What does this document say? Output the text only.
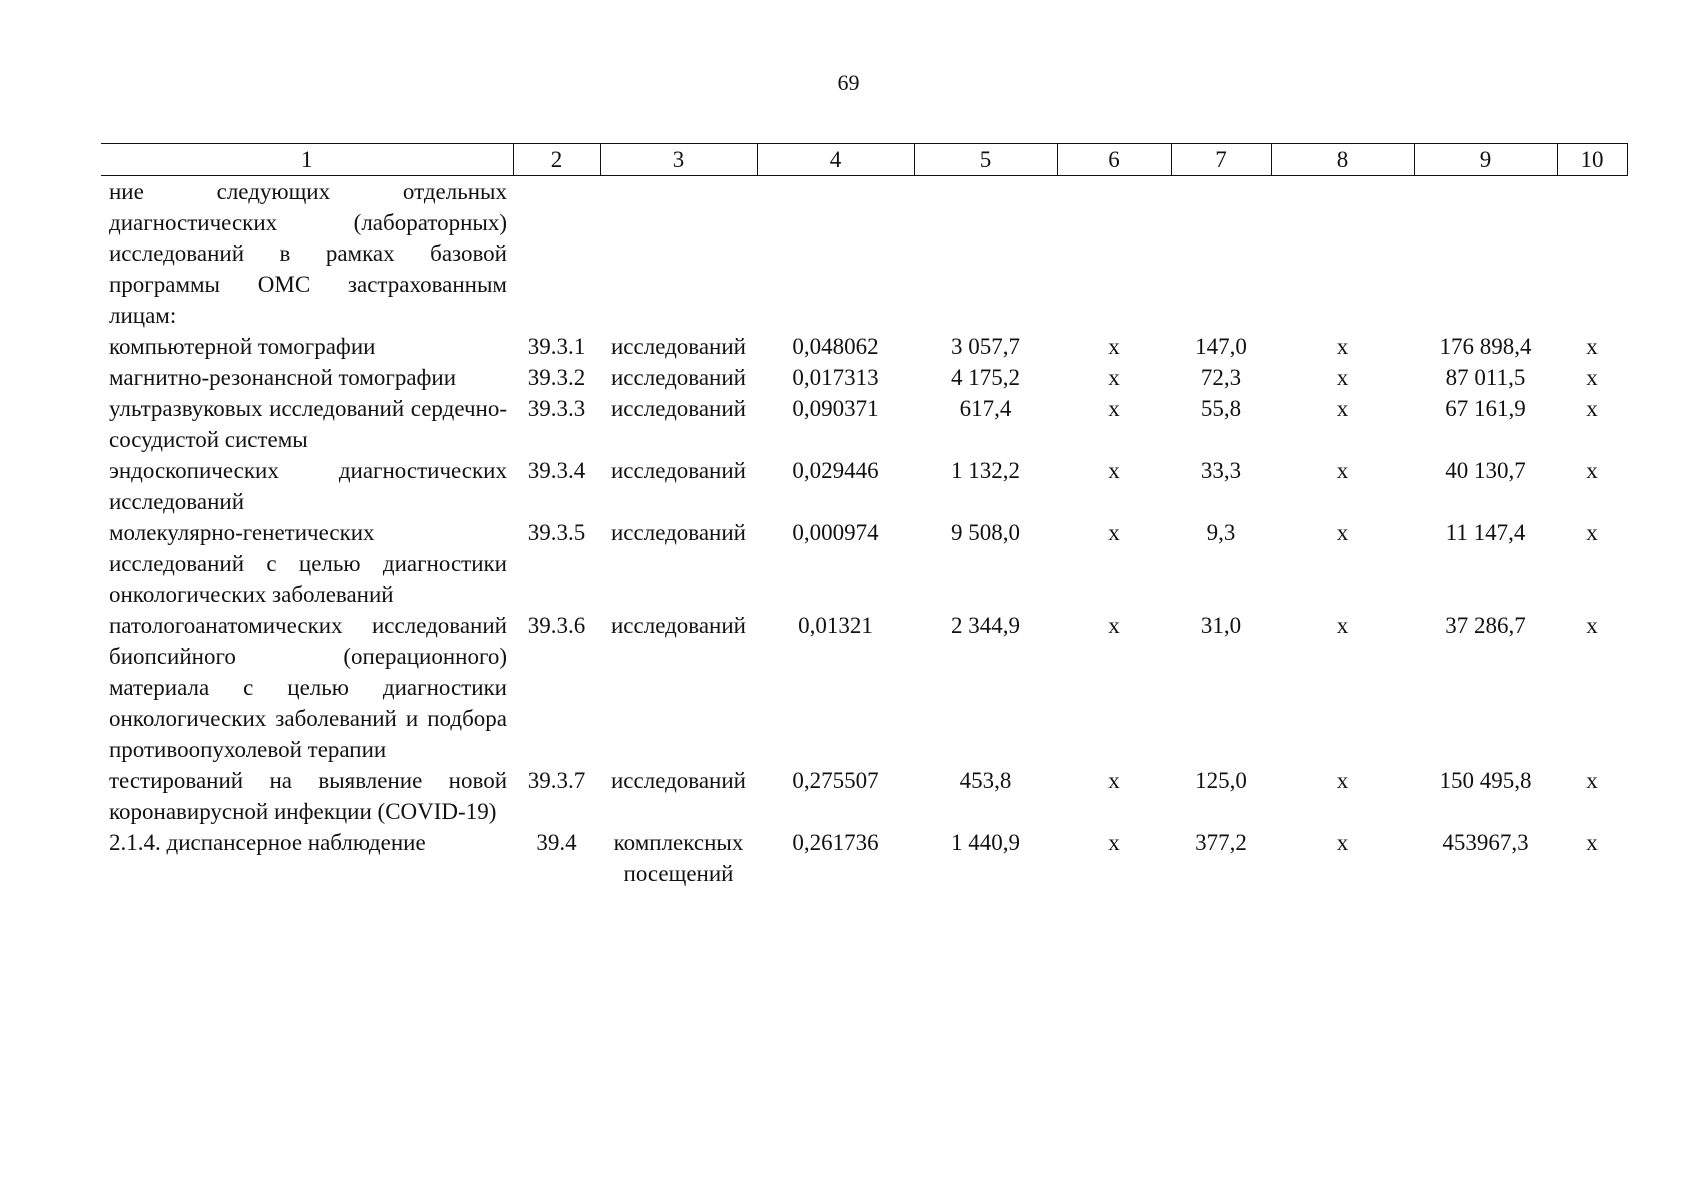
69
1	2	3	4	5	6	7	8	9	10
ние следующих отдельных диагностических (лабораторных) исследований в рамках базовой программы ОМС застрахованным лицам:									
компьютерной томографии	39.3.1	исследований	0,048062	3 057,7	х	147,0	х	176 898,4	х
магнитно-резонансной томографии	39.3.2	исследований	0,017313	4 175,2	х	72,3	х	87 011,5	х
ультразвуковых исследований сердечно-сосудистой системы	39.3.3	исследований	0,090371	617,4	х	55,8	х	67 161,9	х
эндоскопических диагностических исследований	39.3.4	исследований	0,029446	1 132,2	х	33,3	х	40 130,7	х
молекулярно-генетических исследований с целью диагностики онкологических заболеваний	39.3.5	исследований	0,000974	9 508,0	х	9,3	х	11 147,4	х
патологоанатомических исследований биопсийного (операционного) материала с целью диагностики онкологических заболеваний и подбора противоопухолевой терапии	39.3.6	исследований	0,01321	2 344,9	х	31,0	х	37 286,7	х
тестирований на выявление новой коронавирусной инфекции (COVID-19)	39.3.7	исследований	0,275507	453,8	х	125,0	х	150 495,8	х
2.1.4. диспансерное наблюдение	39.4	комплексных посещений	0,261736	1 440,9	х	377,2	х	453967,3	х
